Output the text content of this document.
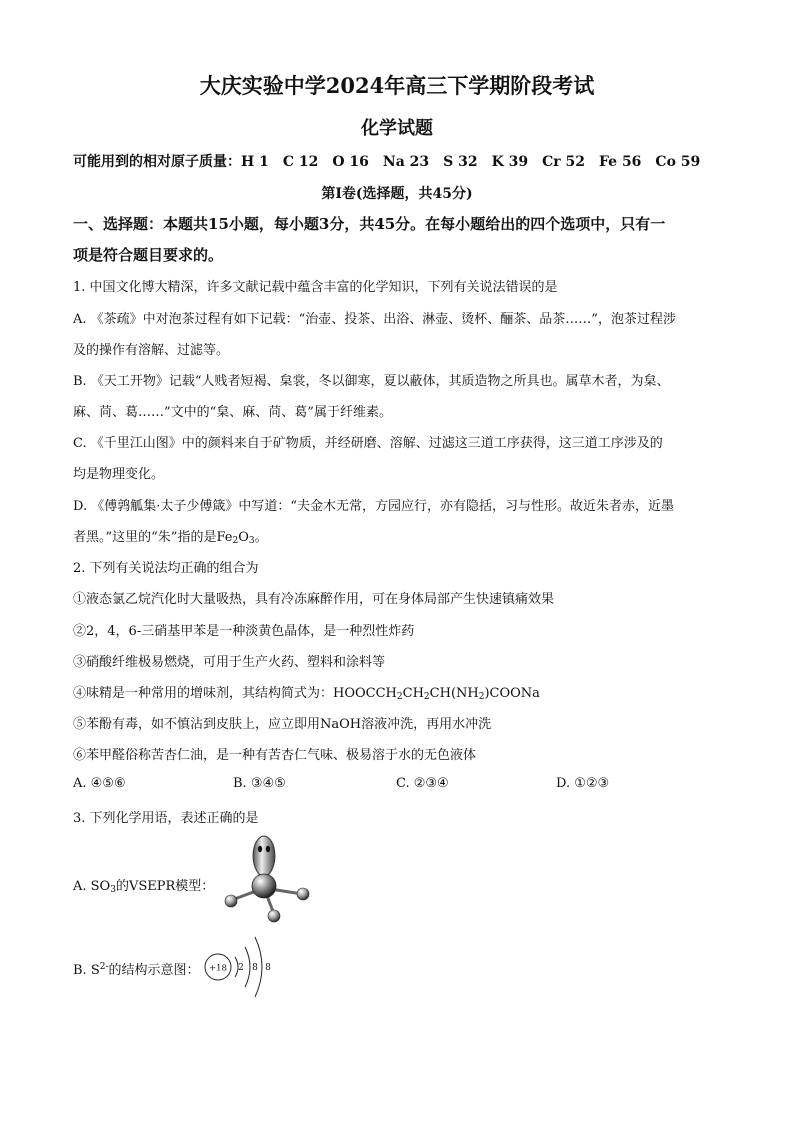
大庆实验中学2024年高三下学期阶段考试
化学试题
可能用到的相对原子质量：H 1　C 12　O 16　Na 23　S 32　K 39　Cr 52　Fe 56　Co 59
第Ⅰ卷(选择题，共45分)
一、选择题：本题共15小题，每小题3分，共45分。在每小题给出的四个选项中，只有一
项是符合题目要求的。
1. 中国文化博大精深，许多文献记载中蕴含丰富的化学知识，下列有关说法错误的是
A. 《茶疏》中对泡茶过程有如下记载：“治壶、投茶、出浴、淋壶、烫杯、酾茶、品茶……”，泡茶过程涉
及的操作有溶解、过滤等。
B. 《天工开物》记载“人贱者短褐、枲裳，冬以御寒，夏以蔽体，其质造物之所具也。属草木者，为枲、
麻、苘、葛……”文中的“枲、麻、苘、葛”属于纤维素。
C. 《千里江山图》中的颜料来自于矿物质，并经研磨、溶解、过滤这三道工序获得，这三道工序涉及的
均是物理变化。
D. 《傅鹑觚集·太子少傅箴》中写道：“夫金木无常，方园应行，亦有隐括，习与性形。故近朱者赤，近墨
者黑。”这里的“朱”指的是$Fe_2O_3$。
2. 下列有关说法均正确的组合为
①液态氯乙烷汽化时大量吸热，具有冷冻麻醉作用，可在身体局部产生快速镇痛效果
②2，4，6-三硝基甲苯是一种淡黄色晶体，是一种烈性炸药
③硝酸纤维极易燃烧，可用于生产火药、塑料和涂料等
④味精是一种常用的增味剂，其结构简式为：$HOOCCH_2CH_2CH(NH_2)COONa$
⑤苯酚有毒，如不慎沾到皮肤上，应立即用NaOH溶液冲洗，再用水冲洗
⑥苯甲醛俗称苦杏仁油，是一种有苦杏仁气味、极易溶于水的无色液体
A. ④⑤⑥	B. ③④⑤	C. ②③④	D. ①②③
3. 下列化学用语，表述正确的是
A. $SO_3$的VSEPR模型：
B. $S^{2-}$的结构示意图： +18 2 8 8
